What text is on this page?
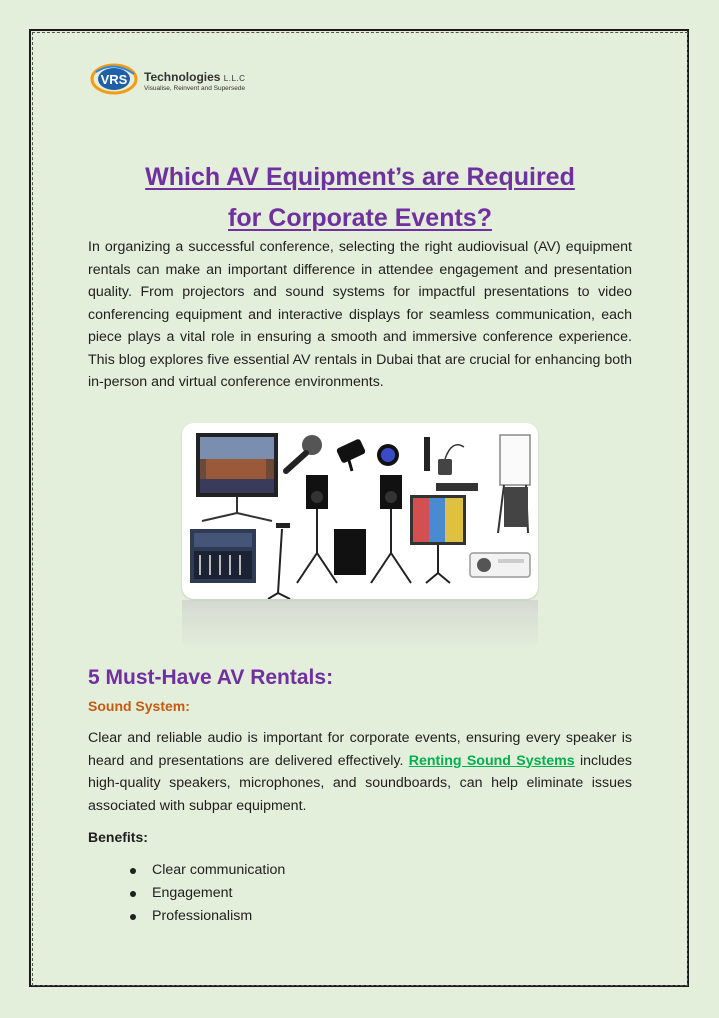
VRS Technologies L.L.C
Visualise, Reinvent and Supersede
Which AV Equipment’s are Required
for Corporate Events?

In organizing a successful conference, selecting the right audiovisual (AV) equipment rentals can make an important difference in attendee engagement and presentation quality. From projectors and sound systems for impactful presentations to video conferencing equipment and interactive displays for seamless communication, each piece plays a vital role in ensuring a smooth and immersive conference experience. This blog explores five essential AV rentals in Dubai that are crucial for enhancing both in-person and virtual conference environments.

5 Must-Have AV Rentals:
Sound System:

Clear and reliable audio is important for corporate events, ensuring every speaker is heard and presentations are delivered effectively. Renting Sound Systems includes high-quality speakers, microphones, and soundboards, can help eliminate issues associated with subpar equipment.

Benefits:

Clear communication
Engagement
Professionalism
